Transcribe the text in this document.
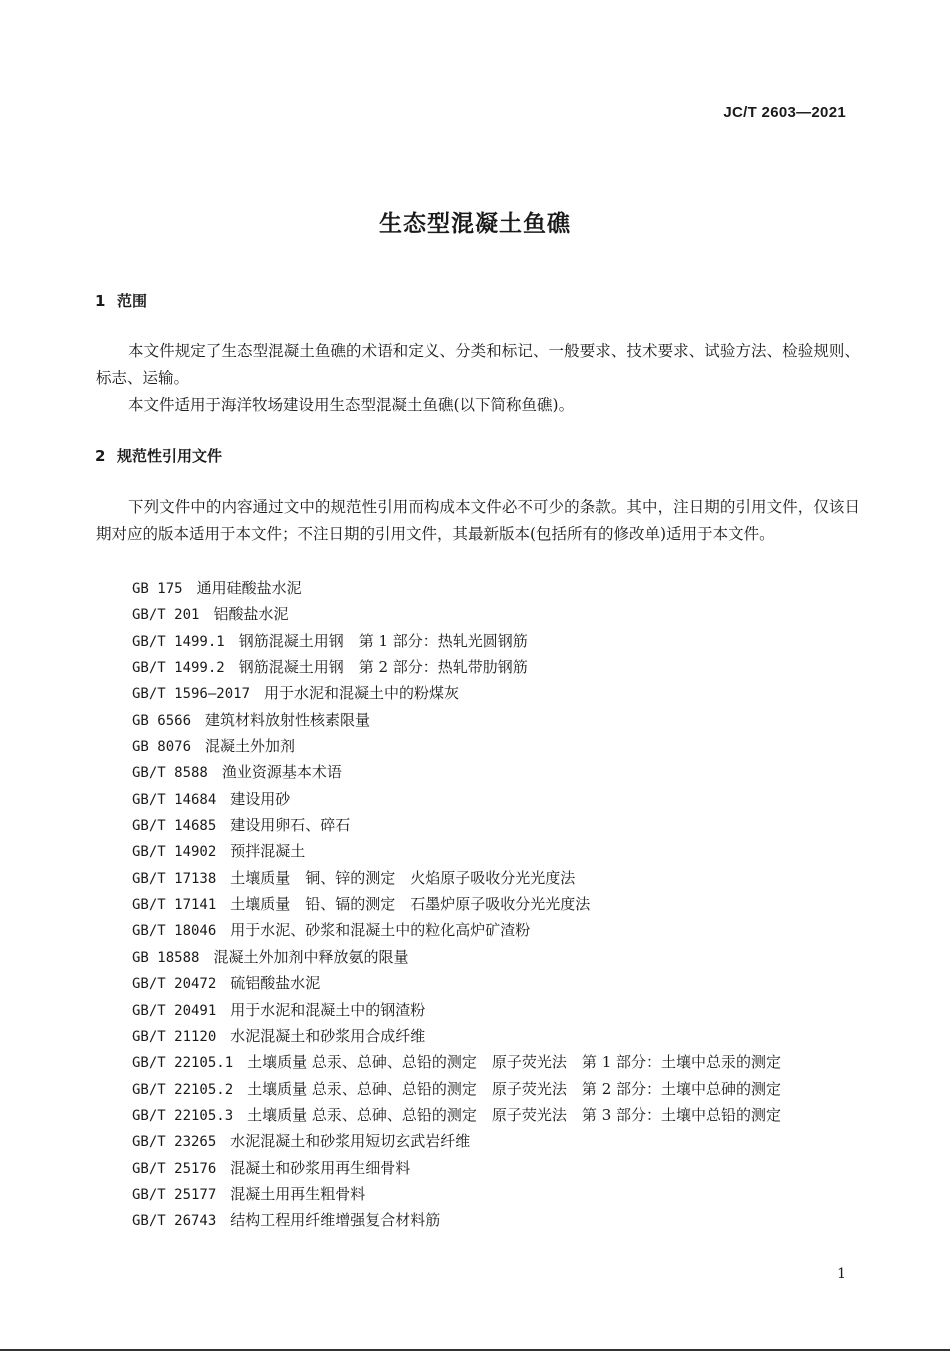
JC/T 2603—2021
生态型混凝土鱼礁
1 范围

本文件规定了生态型混凝土鱼礁的术语和定义、分类和标记、一般要求、技术要求、试验方法、检验规则、标志、运输。

本文件适用于海洋牧场建设用生态型混凝土鱼礁(以下简称鱼礁)。

2 规范性引用文件

下列文件中的内容通过文中的规范性引用而构成本文件必不可少的条款。其中，注日期的引用文件，仅该日期对应的版本适用于本文件；不注日期的引用文件，其最新版本(包括所有的修改单)适用于本文件。

GB 175 通用硅酸盐水泥
GB/T 201 铝酸盐水泥
GB/T 1499.1 钢筋混凝土用钢　第 1 部分：热轧光圆钢筋
GB/T 1499.2 钢筋混凝土用钢　第 2 部分：热轧带肋钢筋
GB/T 1596—2017 用于水泥和混凝土中的粉煤灰
GB 6566 建筑材料放射性核素限量
GB 8076 混凝土外加剂
GB/T 8588 渔业资源基本术语
GB/T 14684 建设用砂
GB/T 14685 建设用卵石、碎石
GB/T 14902 预拌混凝土
GB/T 17138 土壤质量　铜、锌的测定　火焰原子吸收分光光度法
GB/T 17141 土壤质量　铅、镉的测定　石墨炉原子吸收分光光度法
GB/T 18046 用于水泥、砂浆和混凝土中的粒化高炉矿渣粉
GB 18588 混凝土外加剂中释放氨的限量
GB/T 20472 硫铝酸盐水泥
GB/T 20491 用于水泥和混凝土中的钢渣粉
GB/T 21120 水泥混凝土和砂浆用合成纤维
GB/T 22105.1 土壤质量 总汞、总砷、总铅的测定　原子荧光法　第 1 部分：土壤中总汞的测定
GB/T 22105.2 土壤质量 总汞、总砷、总铅的测定　原子荧光法　第 2 部分：土壤中总砷的测定
GB/T 22105.3 土壤质量 总汞、总砷、总铅的测定　原子荧光法　第 3 部分：土壤中总铅的测定
GB/T 23265 水泥混凝土和砂浆用短切玄武岩纤维
GB/T 25176 混凝土和砂浆用再生细骨料
GB/T 25177 混凝土用再生粗骨料
GB/T 26743 结构工程用纤维增强复合材料筋
1
